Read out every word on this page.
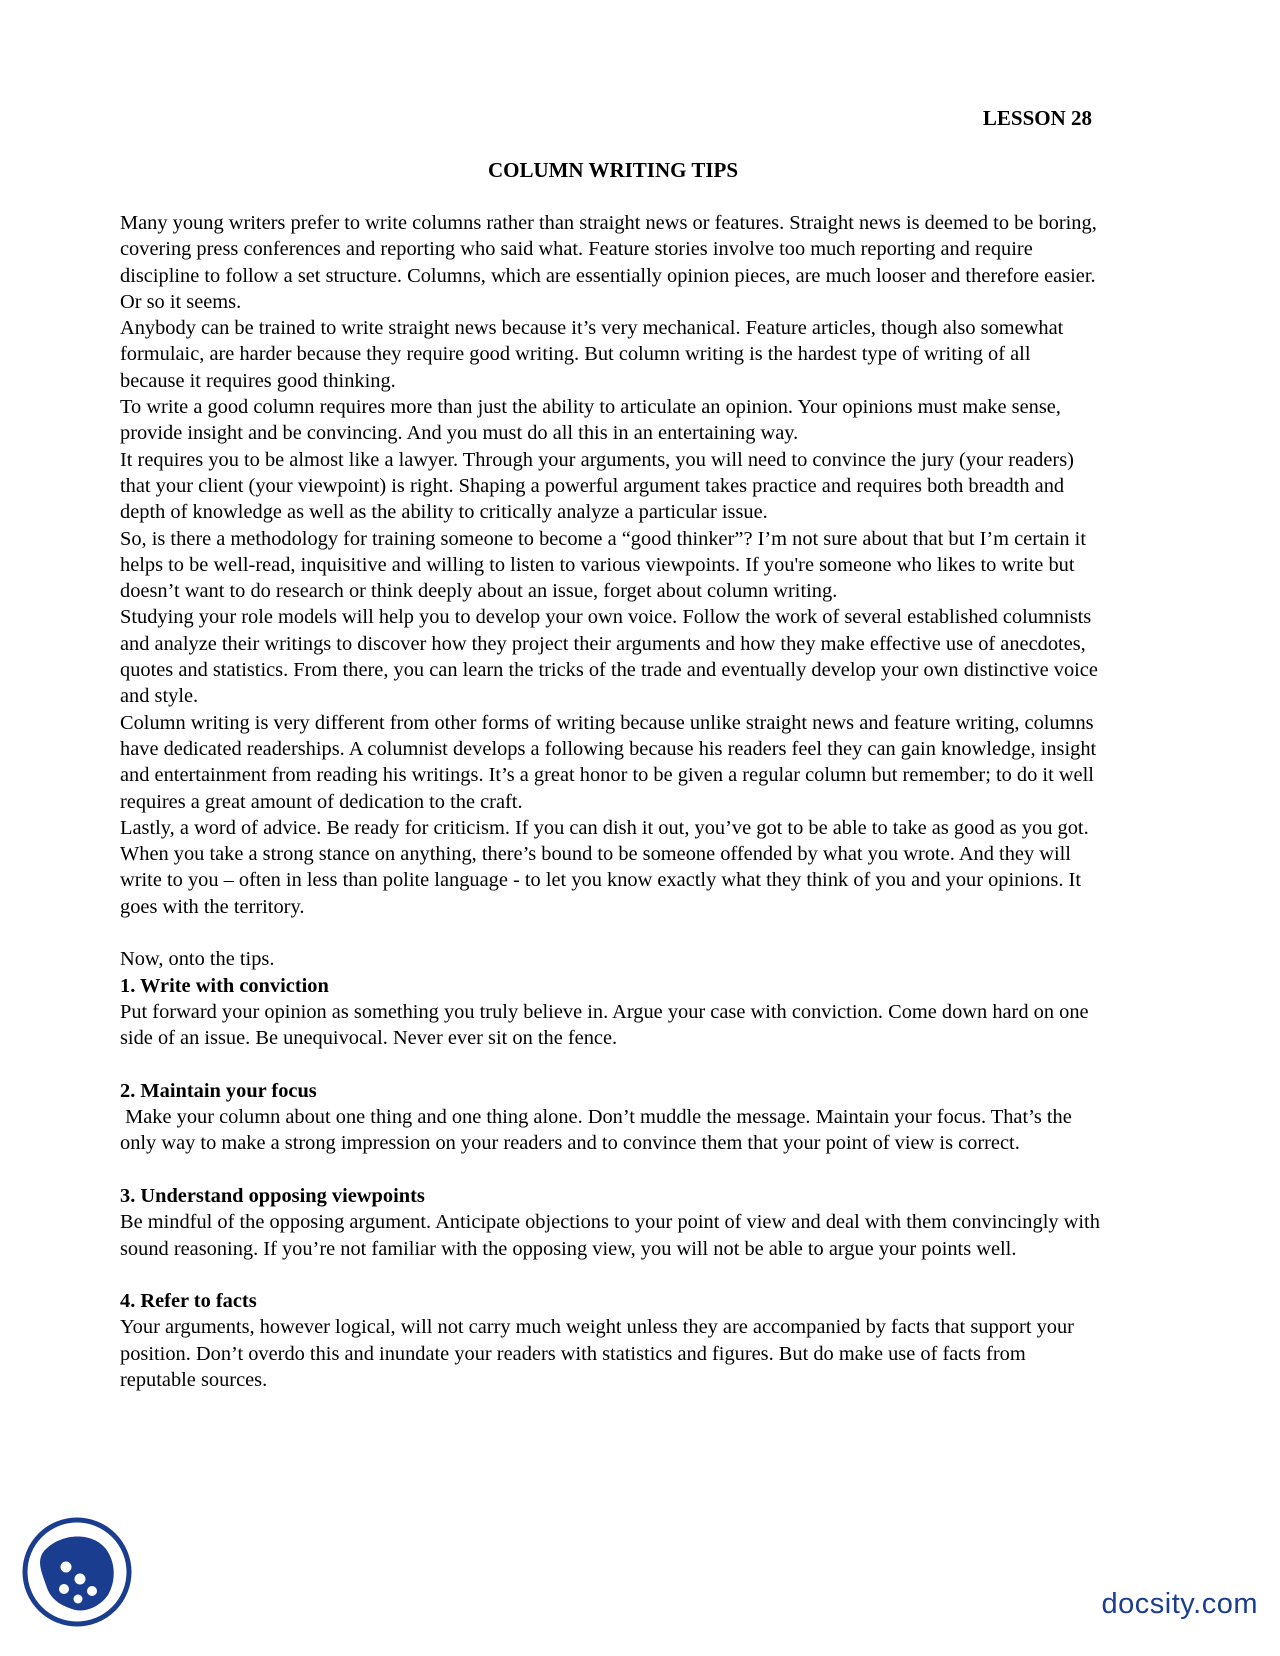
LESSON 28
COLUMN WRITING TIPS

Many young writers prefer to write columns rather than straight news or features. Straight news is deemed to be boring, covering press conferences and reporting who said what. Feature stories involve too much reporting and require discipline to follow a set structure. Columns, which are essentially opinion pieces, are much looser and therefore easier. Or so it seems.

Anybody can be trained to write straight news because it’s very mechanical. Feature articles, though also somewhat formulaic, are harder because they require good writing. But column writing is the hardest type of writing of all because it requires good thinking.

To write a good column requires more than just the ability to articulate an opinion. Your opinions must make sense, provide insight and be convincing. And you must do all this in an entertaining way.

It requires you to be almost like a lawyer. Through your arguments, you will need to convince the jury (your readers) that your client (your viewpoint) is right. Shaping a powerful argument takes practice and requires both breadth and depth of knowledge as well as the ability to critically analyze a particular issue.

So, is there a methodology for training someone to become a “good thinker”? I’m not sure about that but I’m certain it helps to be well-read, inquisitive and willing to listen to various viewpoints. If you're someone who likes to write but doesn’t want to do research or think deeply about an issue, forget about column writing.

Studying your role models will help you to develop your own voice. Follow the work of several established columnists and analyze their writings to discover how they project their arguments and how they make effective use of anecdotes, quotes and statistics. From there, you can learn the tricks of the trade and eventually develop your own distinctive voice and style.

Column writing is very different from other forms of writing because unlike straight news and feature writing, columns have dedicated readerships. A columnist develops a following because his readers feel they can gain knowledge, insight and entertainment from reading his writings. It’s a great honor to be given a regular column but remember; to do it well requires a great amount of dedication to the craft.

Lastly, a word of advice. Be ready for criticism. If you can dish it out, you’ve got to be able to take as good as you got. When you take a strong stance on anything, there’s bound to be someone offended by what you wrote. And they will write to you – often in less than polite language - to let you know exactly what they think of you and your opinions. It goes with the territory.

Now, onto the tips.

1. Write with conviction

Put forward your opinion as something you truly believe in. Argue your case with conviction. Come down hard on one side of an issue. Be unequivocal. Never ever sit on the fence.

2. Maintain your focus

Make your column about one thing and one thing alone. Don’t muddle the message. Maintain your focus. That’s the only way to make a strong impression on your readers and to convince them that your point of view is correct.

3. Understand opposing viewpoints

Be mindful of the opposing argument. Anticipate objections to your point of view and deal with them convincingly with sound reasoning. If you’re not familiar with the opposing view, you will not be able to argue your points well.

4. Refer to facts

Your arguments, however logical, will not carry much weight unless they are accompanied by facts that support your position. Don’t overdo this and inundate your readers with statistics and figures. But do make use of facts from reputable sources.

docsity.com
